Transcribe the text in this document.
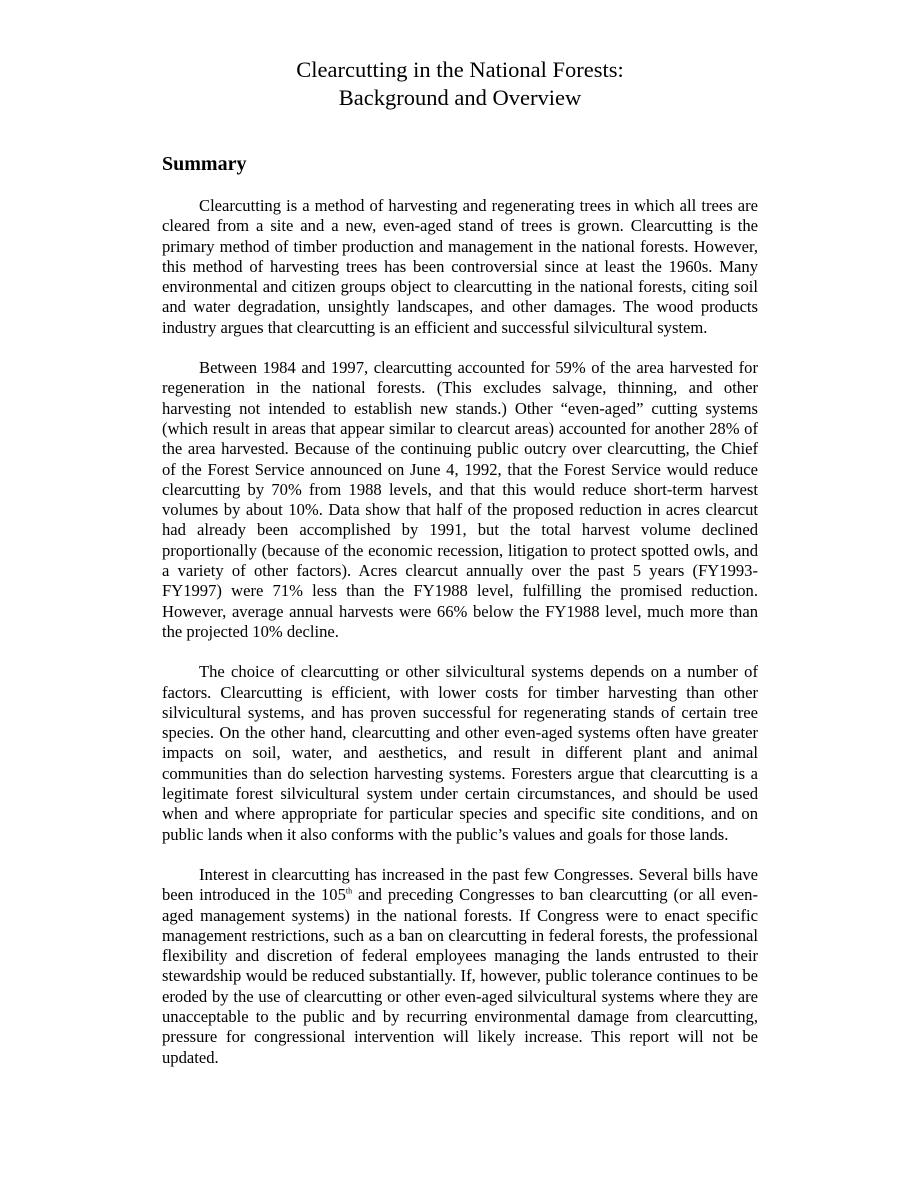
Clearcutting in the National Forests:
Background and Overview
Summary

Clearcutting is a method of harvesting and regenerating trees in which all trees are cleared from a site and a new, even-aged stand of trees is grown. Clearcutting is the primary method of timber production and management in the national forests. However, this method of harvesting trees has been controversial since at least the 1960s. Many environmental and citizen groups object to clearcutting in the national forests, citing soil and water degradation, unsightly landscapes, and other damages. The wood products industry argues that clearcutting is an efficient and successful silvicultural system.

Between 1984 and 1997, clearcutting accounted for 59% of the area harvested for regeneration in the national forests. (This excludes salvage, thinning, and other harvesting not intended to establish new stands.) Other “even-aged” cutting systems (which result in areas that appear similar to clearcut areas) accounted for another 28% of the area harvested. Because of the continuing public outcry over clearcutting, the Chief of the Forest Service announced on June 4, 1992, that the Forest Service would reduce clearcutting by 70% from 1988 levels, and that this would reduce short-term harvest volumes by about 10%. Data show that half of the proposed reduction in acres clearcut had already been accomplished by 1991, but the total harvest volume declined proportionally (because of the economic recession, litigation to protect spotted owls, and a variety of other factors). Acres clearcut annually over the past 5 years (FY1993-FY1997) were 71% less than the FY1988 level, fulfilling the promised reduction. However, average annual harvests were 66% below the FY1988 level, much more than the projected 10% decline.

The choice of clearcutting or other silvicultural systems depends on a number of factors. Clearcutting is efficient, with lower costs for timber harvesting than other silvicultural systems, and has proven successful for regenerating stands of certain tree species. On the other hand, clearcutting and other even-aged systems often have greater impacts on soil, water, and aesthetics, and result in different plant and animal communities than do selection harvesting systems. Foresters argue that clearcutting is a legitimate forest silvicultural system under certain circumstances, and should be used when and where appropriate for particular species and specific site conditions, and on public lands when it also conforms with the public’s values and goals for those lands.

Interest in clearcutting has increased in the past few Congresses. Several bills have been introduced in the 105th and preceding Congresses to ban clearcutting (or all even-aged management systems) in the national forests. If Congress were to enact specific management restrictions, such as a ban on clearcutting in federal forests, the professional flexibility and discretion of federal employees managing the lands entrusted to their stewardship would be reduced substantially. If, however, public tolerance continues to be eroded by the use of clearcutting or other even-aged silvicultural systems where they are unacceptable to the public and by recurring environmental damage from clearcutting, pressure for congressional intervention will likely increase. This report will not be updated.
